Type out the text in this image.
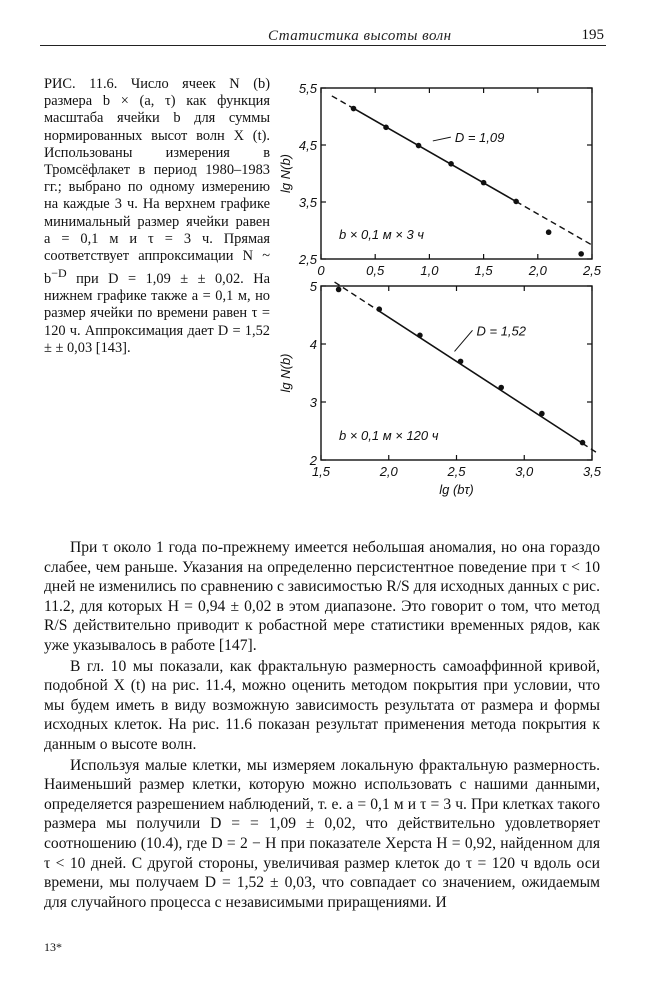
Статистика высоты волн	195

РИС. 11.6. Число ячеек N (b) размера b × (a, τ) как функция масштаба ячейки b для суммы нормированных высот волн X (t). Использованы измерения в Тромсёфлакет в период 1980–1983 гг.; выбрано по одному измерению на каждые 3 ч. На верхнем графике минимальный размер ячейки равен a = 0,1 м и τ = 3 ч. Прямая соответствует аппроксимации N ~ $b^{-D}$ при D = 1,09 ± ± 0,02. На нижнем графике также a = 0,1 м, но размер ячейки по времени равен τ = 120 ч. Аппроксимация дает D = 1,52 ± ± 0,03 [143].

0	0,5	1,0	1,5	2,0	2,5
5,5
4,5
3,5
2,5
lg N(b)
D = 1,09
b × 0,1 м × 3 ч
1,5	2,0	2,5	3,0	3,5
5
4
3
2
lg N(b)
D = 1,52
b × 0,1 м × 120 ч
lg (bτ)

При τ около 1 года по-прежнему имеется небольшая аномалия, но она гораздо слабее, чем раньше. Указания на определенно персистентное поведение при τ < 10 дней не изменились по сравнению с зависимостью R/S для исходных данных с рис. 11.2, для которых H = 0,94 ± 0,02 в этом диапазоне. Это говорит о том, что метод R/S действительно приводит к робастной мере статистики временных рядов, как уже указывалось в работе [147].

В гл. 10 мы показали, как фрактальную размерность самоаффинной кривой, подобной X (t) на рис. 11.4, можно оценить методом покрытия при условии, что мы будем иметь в виду возможную зависимость результата от размера и формы исходных клеток. На рис. 11.6 показан результат применения метода покрытия к данным о высоте волн.

Используя малые клетки, мы измеряем локальную фрактальную размерность. Наименьший размер клетки, которую можно использовать с нашими данными, определяется разрешением наблюдений, т. е. a = 0,1 м и τ = 3 ч. При клетках такого размера мы получили D = = 1,09 ± 0,02, что действительно удовлетворяет соотношению (10.4), где D = 2 − H при показателе Херста H = 0,92, найденном для τ < 10 дней. С другой стороны, увеличивая размер клеток до τ = 120 ч вдоль оси времени, мы получаем D = 1,52 ± 0,03, что совпадает со значением, ожидаемым для случайного процесса с независимыми приращениями. И

13*
